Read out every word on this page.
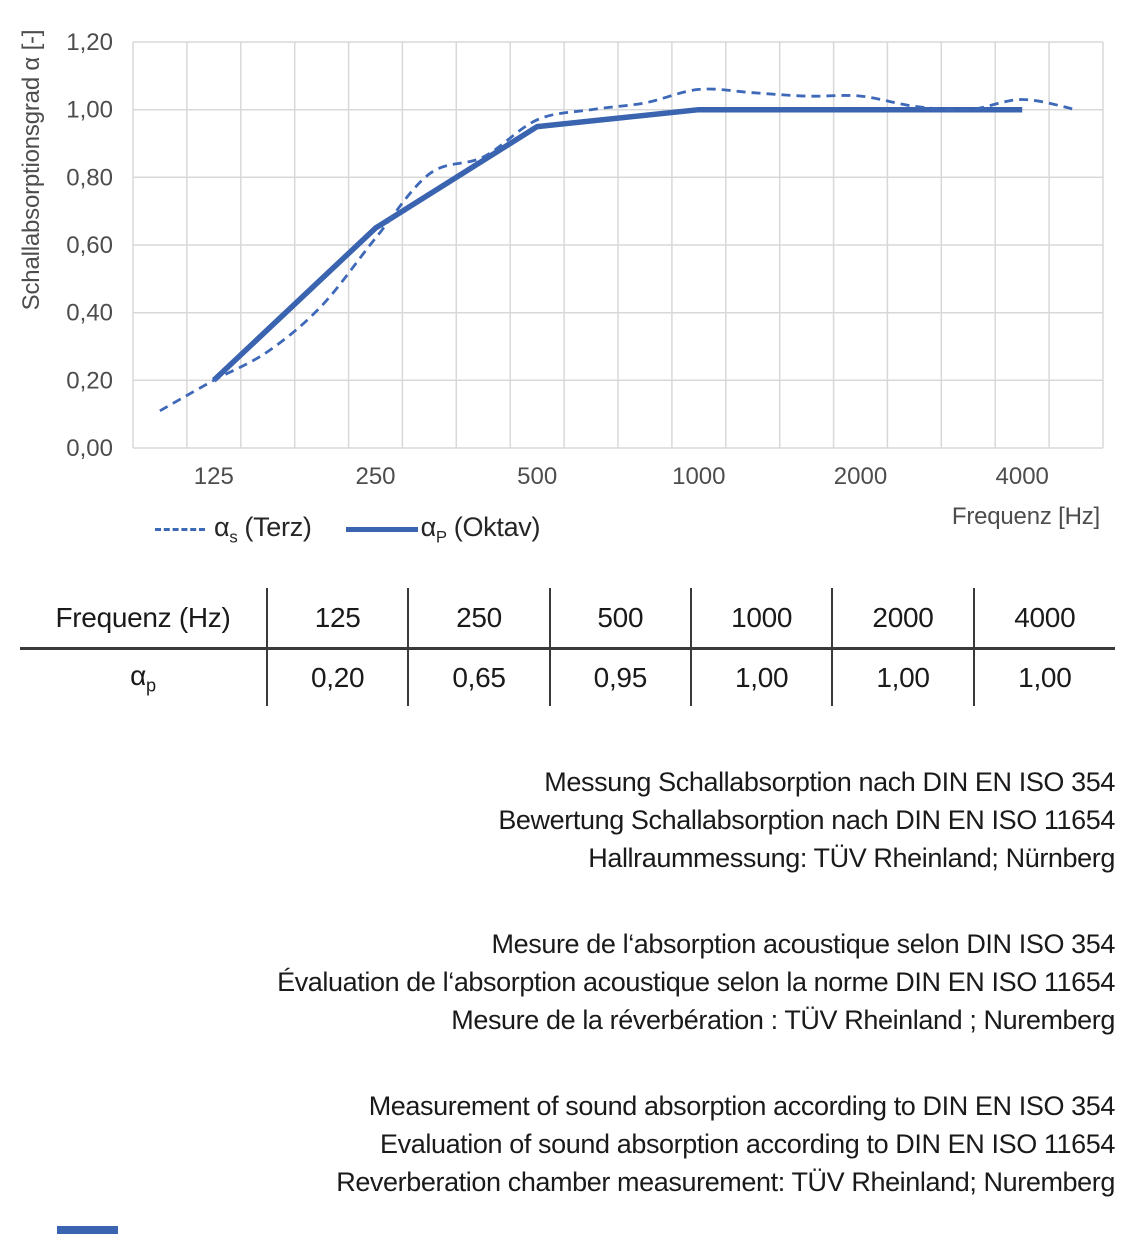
0,00
0,20
0,40
0,60
0,80
1,00
1,20
125	250	500	1000	2000	4000
Schallabsorptionsgrad α [-]
Frequenz [Hz]
$\alpha_s$ (Terz)	$\alpha_P$ (Oktav)
Frequenz (Hz)	125	250	500	1000	2000	4000
$\alpha_p$	0,20	0,65	0,95	1,00	1,00	1,00

Messung Schallabsorption nach DIN EN ISO 354

Bewertung Schallabsorption nach DIN EN ISO 11654

Hallraummessung: TÜV Rheinland; Nürnberg

Mesure de l‘absorption acoustique selon DIN ISO 354

Évaluation de l‘absorption acoustique selon la norme DIN EN ISO 11654

Mesure de la réverbération : TÜV Rheinland ; Nuremberg

Measurement of sound absorption according to DIN EN ISO 354

Evaluation of sound absorption according to DIN EN ISO 11654

Reverberation chamber measurement: TÜV Rheinland; Nuremberg
